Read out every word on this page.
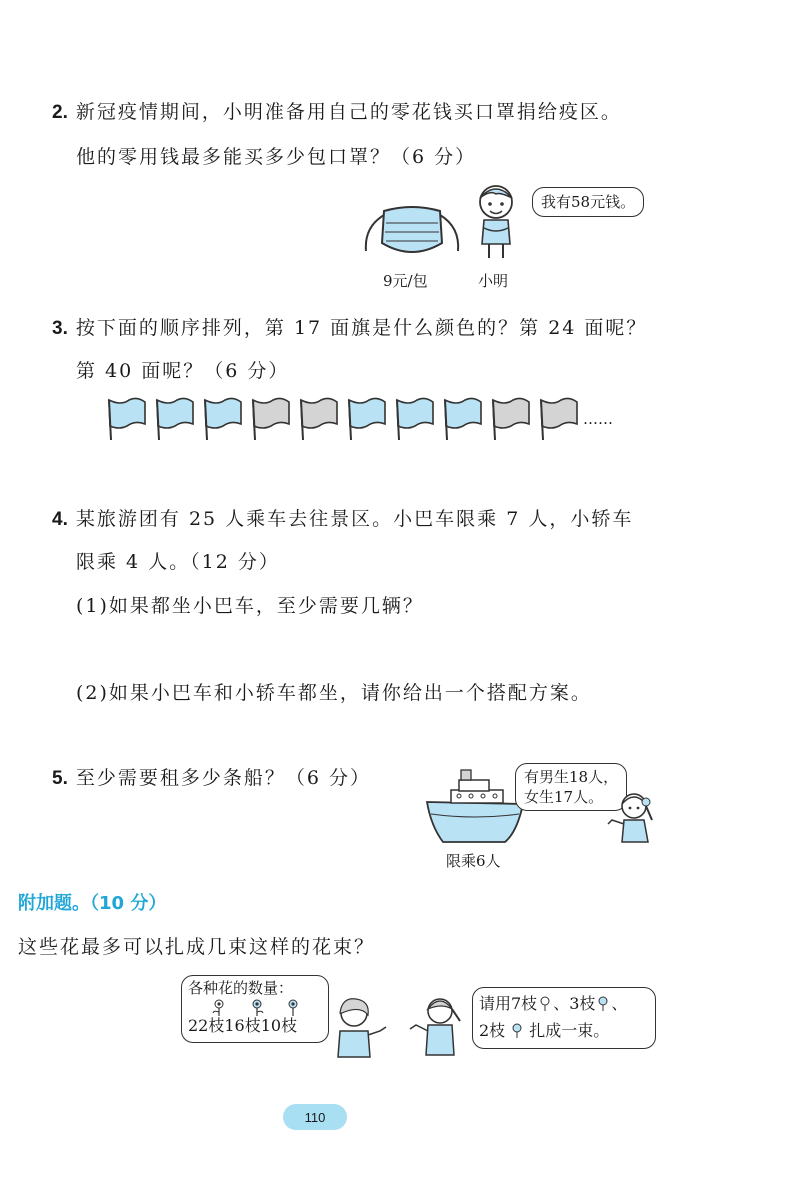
2. 新冠疫情期间，小明准备用自己的零花钱买口罩捐给疫区。
他的零用钱最多能买多少包口罩？（6 分）
9元/包	小明
我有58元钱。
3. 按下面的顺序排列，第 17 面旗是什么颜色的？第 24 面呢？
第 40 面呢？（6 分）
……
4. 某旅游团有 25 人乘车去往景区。小巴车限乘 7 人，小轿车
限乘 4 人。（12 分）
(1)如果都坐小巴车，至少需要几辆？
(2)如果小巴车和小轿车都坐，请你给出一个搭配方案。
5. 至少需要租多少条船？（6 分）
限乘6人
有男生18人，
女生17人。
附加题。（10 分）
这些花最多可以扎成几束这样的花束？
各种花的数量：
22枝16枝10枝
请用7枝 、3枝 、
2枝 扎成一束。
110
